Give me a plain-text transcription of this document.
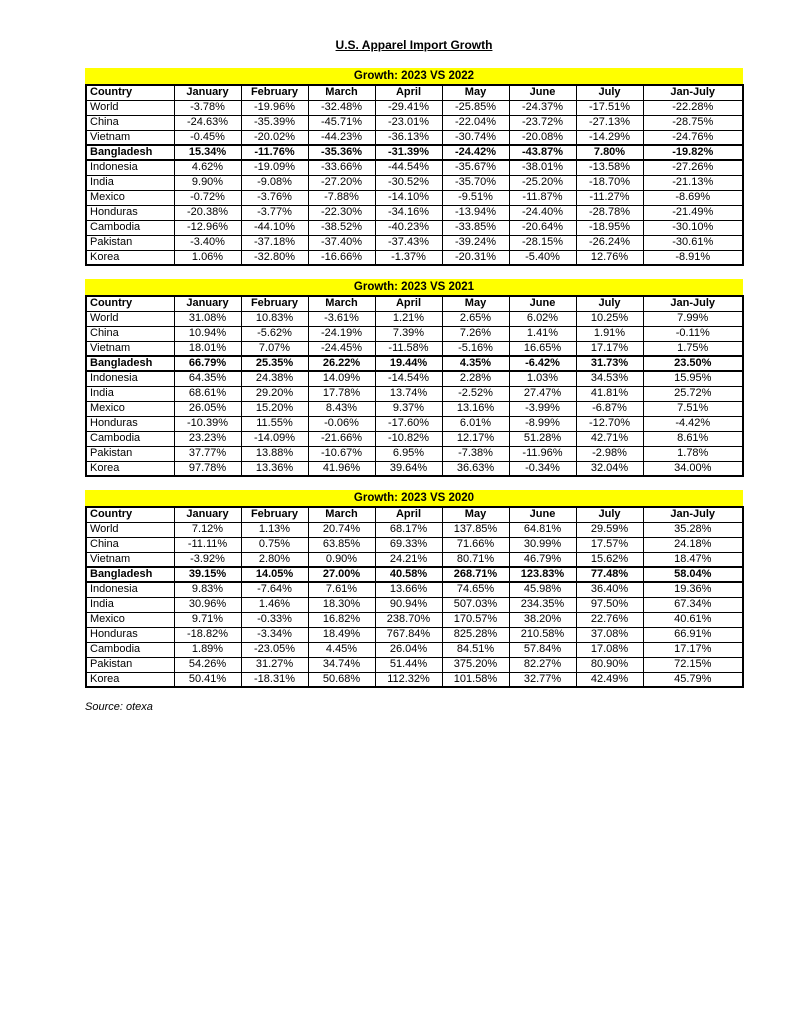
U.S. Apparel Import Growth
Growth: 2023 VS 2022
Country	January	February	March	April	May	June	July	Jan-July
World	-3.78%	-19.96%	-32.48%	-29.41%	-25.85%	-24.37%	-17.51%	-22.28%
China	-24.63%	-35.39%	-45.71%	-23.01%	-22.04%	-23.72%	-27.13%	-28.75%
Vietnam	-0.45%	-20.02%	-44.23%	-36.13%	-30.74%	-20.08%	-14.29%	-24.76%
Bangladesh	15.34%	-11.76%	-35.36%	-31.39%	-24.42%	-43.87%	7.80%	-19.82%
Indonesia	4.62%	-19.09%	-33.66%	-44.54%	-35.67%	-38.01%	-13.58%	-27.26%
India	9.90%	-9.08%	-27.20%	-30.52%	-35.70%	-25.20%	-18.70%	-21.13%
Mexico	-0.72%	-3.76%	-7.88%	-14.10%	-9.51%	-11.87%	-11.27%	-8.69%
Honduras	-20.38%	-3.77%	-22.30%	-34.16%	-13.94%	-24.40%	-28.78%	-21.49%
Cambodia	-12.96%	-44.10%	-38.52%	-40.23%	-33.85%	-20.64%	-18.95%	-30.10%
Pakistan	-3.40%	-37.18%	-37.40%	-37.43%	-39.24%	-28.15%	-26.24%	-30.61%
Korea	1.06%	-32.80%	-16.66%	-1.37%	-20.31%	-5.40%	12.76%	-8.91%
Growth: 2023 VS 2021
Country	January	February	March	April	May	June	July	Jan-July
World	31.08%	10.83%	-3.61%	1.21%	2.65%	6.02%	10.25%	7.99%
China	10.94%	-5.62%	-24.19%	7.39%	7.26%	1.41%	1.91%	-0.11%
Vietnam	18.01%	7.07%	-24.45%	-11.58%	-5.16%	16.65%	17.17%	1.75%
Bangladesh	66.79%	25.35%	26.22%	19.44%	4.35%	-6.42%	31.73%	23.50%
Indonesia	64.35%	24.38%	14.09%	-14.54%	2.28%	1.03%	34.53%	15.95%
India	68.61%	29.20%	17.78%	13.74%	-2.52%	27.47%	41.81%	25.72%
Mexico	26.05%	15.20%	8.43%	9.37%	13.16%	-3.99%	-6.87%	7.51%
Honduras	-10.39%	11.55%	-0.06%	-17.60%	6.01%	-8.99%	-12.70%	-4.42%
Cambodia	23.23%	-14.09%	-21.66%	-10.82%	12.17%	51.28%	42.71%	8.61%
Pakistan	37.77%	13.88%	-10.67%	6.95%	-7.38%	-11.96%	-2.98%	1.78%
Korea	97.78%	13.36%	41.96%	39.64%	36.63%	-0.34%	32.04%	34.00%
Growth: 2023 VS 2020
Country	January	February	March	April	May	June	July	Jan-July
World	7.12%	1.13%	20.74%	68.17%	137.85%	64.81%	29.59%	35.28%
China	-11.11%	0.75%	63.85%	69.33%	71.66%	30.99%	17.57%	24.18%
Vietnam	-3.92%	2.80%	0.90%	24.21%	80.71%	46.79%	15.62%	18.47%
Bangladesh	39.15%	14.05%	27.00%	40.58%	268.71%	123.83%	77.48%	58.04%
Indonesia	9.83%	-7.64%	7.61%	13.66%	74.65%	45.98%	36.40%	19.36%
India	30.96%	1.46%	18.30%	90.94%	507.03%	234.35%	97.50%	67.34%
Mexico	9.71%	-0.33%	16.82%	238.70%	170.57%	38.20%	22.76%	40.61%
Honduras	-18.82%	-3.34%	18.49%	767.84%	825.28%	210.58%	37.08%	66.91%
Cambodia	1.89%	-23.05%	4.45%	26.04%	84.51%	57.84%	17.08%	17.17%
Pakistan	54.26%	31.27%	34.74%	51.44%	375.20%	82.27%	80.90%	72.15%
Korea	50.41%	-18.31%	50.68%	112.32%	101.58%	32.77%	42.49%	45.79%
Source: otexa
